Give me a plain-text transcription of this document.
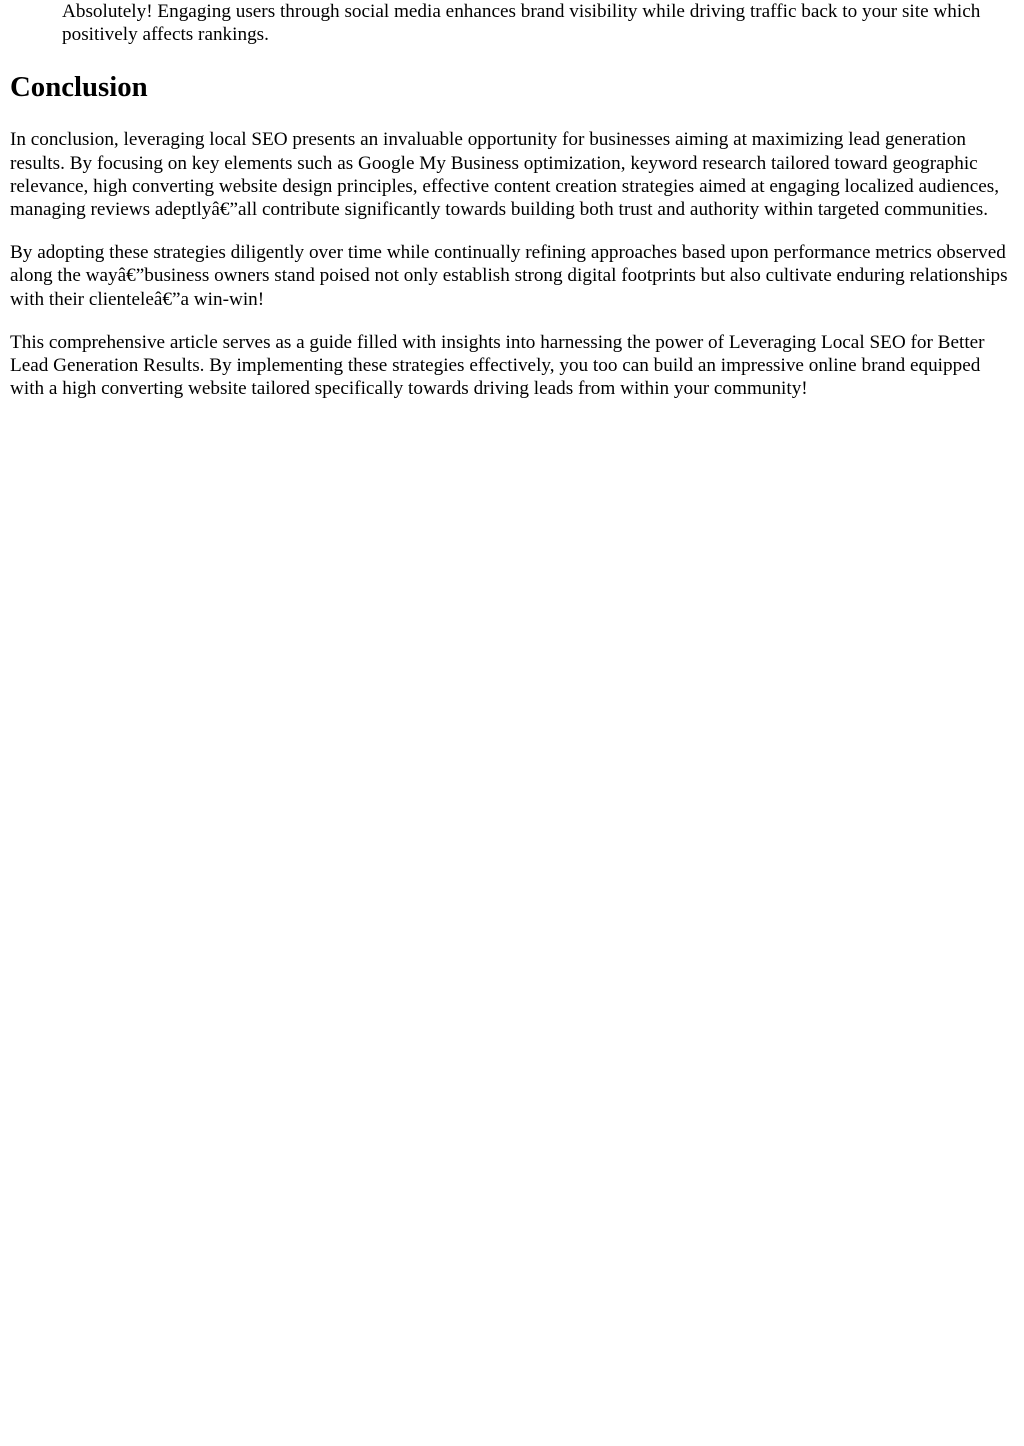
Absolutely! Engaging users through social media enhances brand visibility while driving traffic back to your site which positively affects rankings.

Conclusion

In conclusion, leveraging local SEO presents an invaluable opportunity for businesses aiming at maximizing lead generation results. By focusing on key elements such as Google My Business optimization, keyword research tailored toward geographic relevance, high converting website design principles, effective content creation strategies aimed at engaging localized audiences, managing reviews adeptlyâ€”all contribute significantly towards building both trust and authority within targeted communities.

By adopting these strategies diligently over time while continually refining approaches based upon performance metrics observed along the wayâ€”business owners stand poised not only establish strong digital footprints but also cultivate enduring relationships with their clienteleâ€”a win-win!

This comprehensive article serves as a guide filled with insights into harnessing the power of Leveraging Local SEO for Better Lead Generation Results. By implementing these strategies effectively, you too can build an impressive online brand equipped with a high converting website tailored specifically towards driving leads from within your community!
